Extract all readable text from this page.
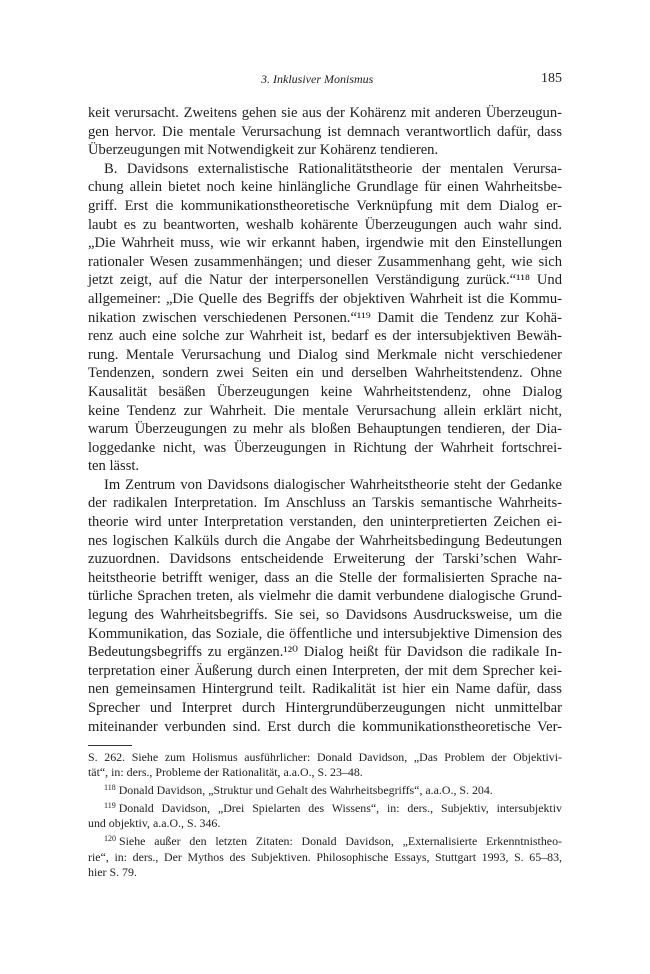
3. Inklusiver Monismus	185
keit verursacht. Zweitens gehen sie aus der Kohärenz mit anderen Überzeugun-
gen hervor. Die mentale Verursachung ist demnach verantwortlich dafür, dass
Überzeugungen mit Notwendigkeit zur Kohärenz tendieren.
B. Davidsons externalistische Rationalitätstheorie der mentalen Verursa-
chung allein bietet noch keine hinlängliche Grundlage für einen Wahrheitsbe-
griff. Erst die kommunikationstheoretische Verknüpfung mit dem Dialog er-
laubt es zu beantworten, weshalb kohärente Überzeugungen auch wahr sind.
„Die Wahrheit muss, wie wir erkannt haben, irgendwie mit den Einstellungen
rationaler Wesen zusammenhängen; und dieser Zusammenhang geht, wie sich
jetzt zeigt, auf die Natur der interpersonellen Verständigung zurück.“¹¹⁸ Und
allgemeiner: „Die Quelle des Begriffs der objektiven Wahrheit ist die Kommu-
nikation zwischen verschiedenen Personen.“¹¹⁹ Damit die Tendenz zur Kohä-
renz auch eine solche zur Wahrheit ist, bedarf es der intersubjektiven Bewäh-
rung. Mentale Verursachung und Dialog sind Merkmale nicht verschiedener
Tendenzen, sondern zwei Seiten ein und derselben Wahrheitstendenz. Ohne
Kausalität besäßen Überzeugungen keine Wahrheitstendenz, ohne Dialog
keine Tendenz zur Wahrheit. Die mentale Verursachung allein erklärt nicht,
warum Überzeugungen zu mehr als bloßen Behauptungen tendieren, der Dia-
loggedanke nicht, was Überzeugungen in Richtung der Wahrheit fortschrei-
ten lässt.
Im Zentrum von Davidsons dialogischer Wahrheitstheorie steht der Gedanke
der radikalen Interpretation. Im Anschluss an Tarskis semantische Wahrheits-
theorie wird unter Interpretation verstanden, den uninterpretierten Zeichen ei-
nes logischen Kalküls durch die Angabe der Wahrheitsbedingung Bedeutungen
zuzuordnen. Davidsons entscheidende Erweiterung der Tarski’schen Wahr-
heitstheorie betrifft weniger, dass an die Stelle der formalisierten Sprache na-
türliche Sprachen treten, als vielmehr die damit verbundene dialogische Grund-
legung des Wahrheitsbegriffs. Sie sei, so Davidsons Ausdrucksweise, um die
Kommunikation, das Soziale, die öffentliche und intersubjektive Dimension des
Bedeutungsbegriffs zu ergänzen.¹²⁰ Dialog heißt für Davidson die radikale In-
terpretation einer Äußerung durch einen Interpreten, der mit dem Sprecher kei-
nen gemeinsamen Hintergrund teilt. Radikalität ist hier ein Name dafür, dass
Sprecher und Interpret durch Hintergrundüberzeugungen nicht unmittelbar
miteinander verbunden sind. Erst durch die kommunikationstheoretische Ver-
S. 262. Siehe zum Holismus ausführlicher: Donald Davidson, „Das Problem der Objektivi-
tät“, in: ders., Probleme der Rationalität, a.a.O., S. 23–48.
$^{118}$ Donald Davidson, „Struktur und Gehalt des Wahrheitsbegriffs“, a.a.O., S. 204.
$^{119}$ Donald Davidson, „Drei Spielarten des Wissens“, in: ders., Subjektiv, intersubjektiv
und objektiv, a.a.O., S. 346.
$^{120}$ Siehe außer den letzten Zitaten: Donald Davidson, „Externalisierte Erkenntnistheo-
rie“, in: ders., Der Mythos des Subjektiven. Philosophische Essays, Stuttgart 1993, S. 65–83,
hier S. 79.
